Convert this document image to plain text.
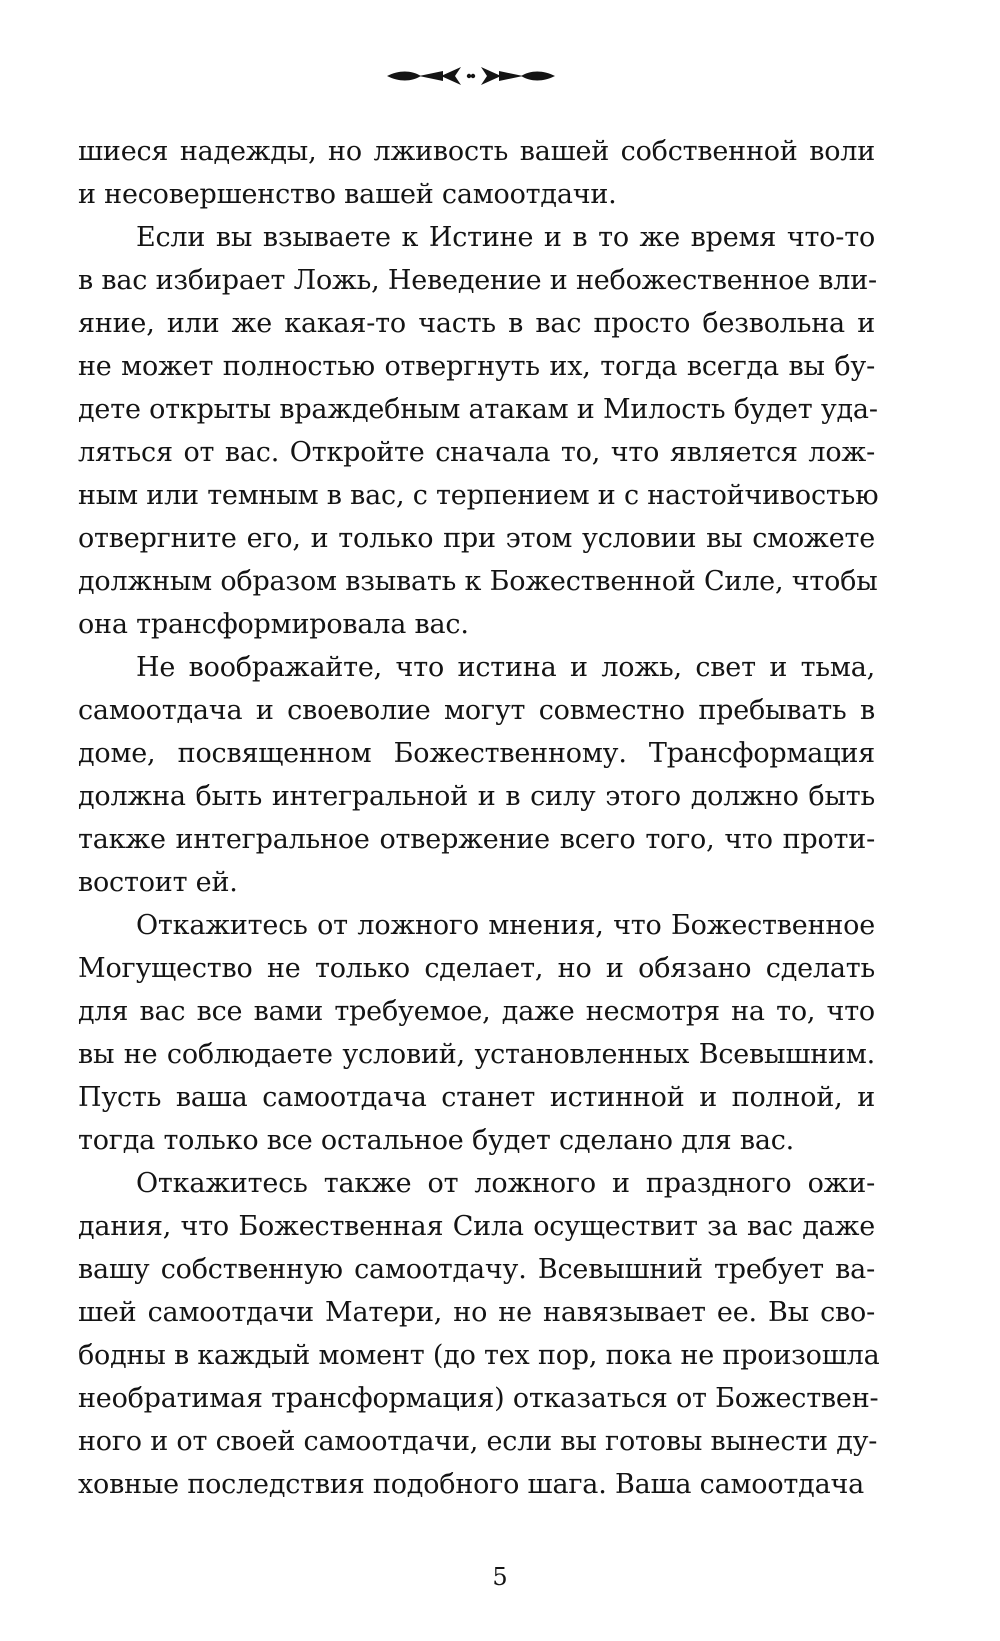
шиеся надежды, но лживость вашей собственной воли
и несовершенство вашей самоотдачи.
Если вы взываете к Истине и в то же время что-то
в вас избирает Ложь, Неведение и небожественное вли-
яние, или же какая-то часть в вас просто безвольна и
не может полностью отвергнуть их, тогда всегда вы бу-
дете открыты враждебным атакам и Милость будет уда-
ляться от вас. Откройте сначала то, что является лож-
ным или темным в вас, с терпением и с настойчивостью
отвергните его, и только при этом условии вы сможете
должным образом взывать к Божественной Силе, чтобы
она трансформировала вас.
Не воображайте, что истина и ложь, свет и тьма,
самоотдача и своеволие могут совместно пребывать в
доме, посвященном Божественному. Трансформация
должна быть интегральной и в силу этого должно быть
также интегральное отвержение всего того, что проти-
востоит ей.
Откажитесь от ложного мнения, что Божественное
Могущество не только сделает, но и обязано сделать
для вас все вами требуемое, даже несмотря на то, что
вы не соблюдаете условий, установленных Всевышним.
Пусть ваша самоотдача станет истинной и полной, и
тогда только все остальное будет сделано для вас.
Откажитесь также от ложного и праздного ожи-
дания, что Божественная Сила осуществит за вас даже
вашу собственную самоотдачу. Всевышний требует ва-
шей самоотдачи Матери, но не навязывает ее. Вы сво-
бодны в каждый момент (до тех пор, пока не произошла
необратимая трансформация) отказаться от Божествен-
ного и от своей самоотдачи, если вы готовы вынести ду-
ховные последствия подобного шага. Ваша самоотдача
5
